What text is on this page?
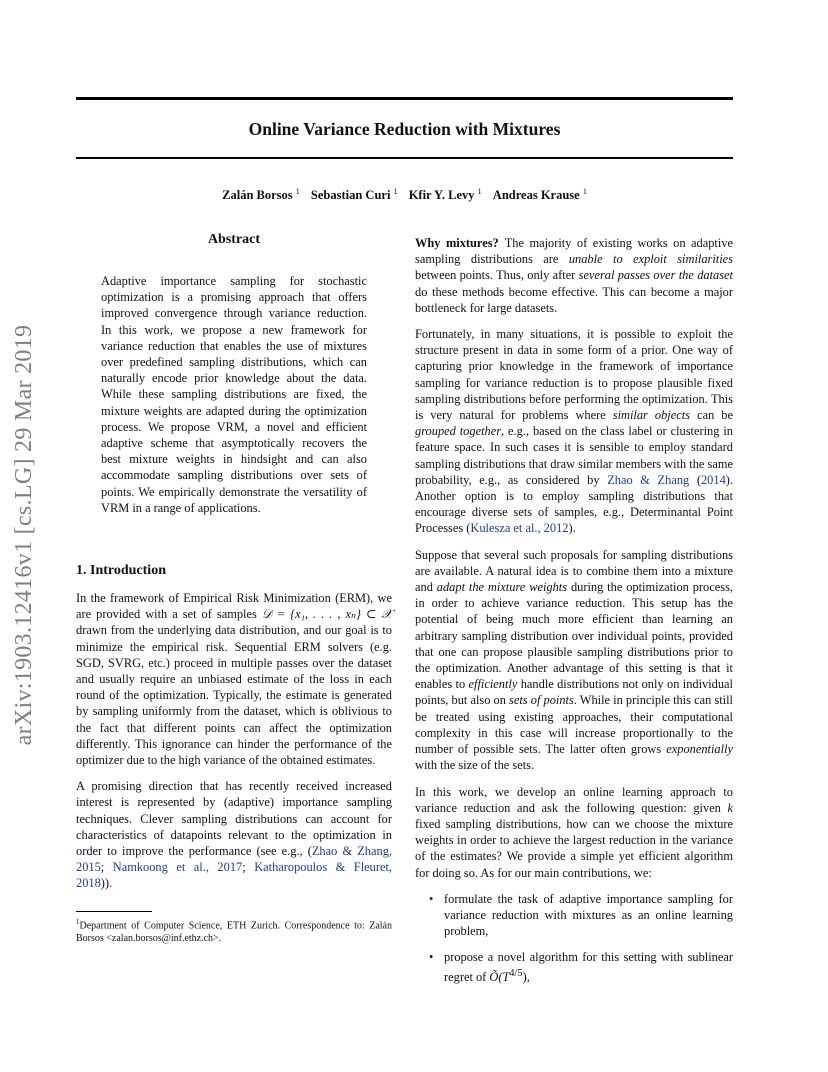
arXiv:1903.12416v1 [cs.LG] 29 Mar 2019
Online Variance Reduction with Mixtures
Zalán Borsos $^1$ Sebastian Curi $^1$ Kfir Y. Levy $^1$ Andreas Krause $^1$
Abstract

Adaptive importance sampling for stochastic optimization is a promising approach that offers improved convergence through variance reduction. In this work, we propose a new framework for variance reduction that enables the use of mixtures over predefined sampling distributions, which can naturally encode prior knowledge about the data. While these sampling distributions are fixed, the mixture weights are adapted during the optimization process. We propose VRM, a novel and efficient adaptive scheme that asymptotically recovers the best mixture weights in hindsight and can also accommodate sampling distributions over sets of points. We empirically demonstrate the versatility of VRM in a range of applications.

1. Introduction

In the framework of Empirical Risk Minimization (ERM), we are provided with a set of samples 𝒟 = {x₁, . . . , xₙ} ⊂ 𝒳 drawn from the underlying data distribution, and our goal is to minimize the empirical risk. Sequential ERM solvers (e.g. SGD, SVRG, etc.) proceed in multiple passes over the dataset and usually require an unbiased estimate of the loss in each round of the optimization. Typically, the estimate is generated by sampling uniformly from the dataset, which is oblivious to the fact that different points can affect the optimization differently. This ignorance can hinder the performance of the optimizer due to the high variance of the obtained estimates.

A promising direction that has recently received increased interest is represented by (adaptive) importance sampling techniques. Clever sampling distributions can account for characteristics of datapoints relevant to the optimization in order to improve the performance (see e.g., (Zhao & Zhang, 2015; Namkoong et al., 2017; Katharopoulos & Fleuret, 2018)).

$^1$Department of Computer Science, ETH Zurich. Correspondence to: Zalán Borsos <zalan.borsos@inf.ethz.ch>.

Why mixtures? The majority of existing works on adaptive sampling distributions are unable to exploit similarities between points. Thus, only after several passes over the dataset do these methods become effective. This can become a major bottleneck for large datasets.

Fortunately, in many situations, it is possible to exploit the structure present in data in some form of a prior. One way of capturing prior knowledge in the framework of importance sampling for variance reduction is to propose plausible fixed sampling distributions before performing the optimization. This is very natural for problems where similar objects can be grouped together, e.g., based on the class label or clustering in feature space. In such cases it is sensible to employ standard sampling distributions that draw similar members with the same probability, e.g., as considered by Zhao & Zhang (2014). Another option is to employ sampling distributions that encourage diverse sets of samples, e.g., Determinantal Point Processes (Kulesza et al., 2012).

Suppose that several such proposals for sampling distributions are available. A natural idea is to combine them into a mixture and adapt the mixture weights during the optimization process, in order to achieve variance reduction. This setup has the potential of being much more efficient than learning an arbitrary sampling distribution over individual points, provided that one can propose plausible sampling distributions prior to the optimization. Another advantage of this setting is that it enables to efficiently handle distributions not only on individual points, but also on sets of points. While in principle this can still be treated using existing approaches, their computational complexity in this case will increase proportionally to the number of possible sets. The latter often grows exponentially with the size of the sets.

In this work, we develop an online learning approach to variance reduction and ask the following question: given k fixed sampling distributions, how can we choose the mixture weights in order to achieve the largest reduction in the variance of the estimates? We provide a simple yet efficient algorithm for doing so. As for our main contributions, we:

• formulate the task of adaptive importance sampling for variance reduction with mixtures as an online learning problem,
• propose a novel algorithm for this setting with sublinear regret of $Õ(T^{4/5})$,
